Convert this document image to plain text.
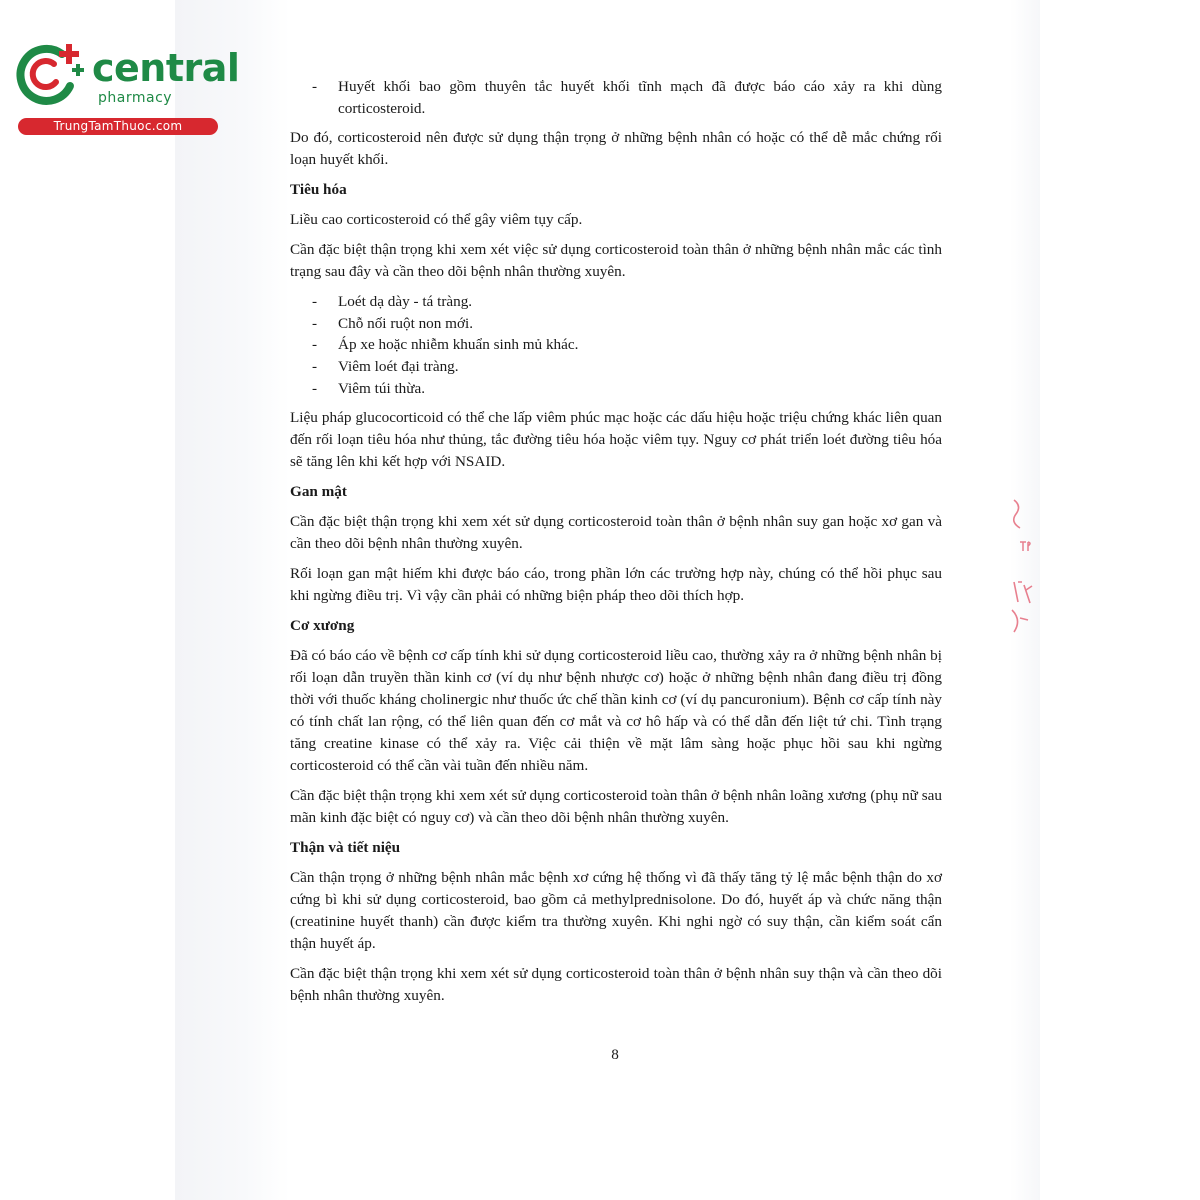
central
pharmacy
TrungTamThuoc.com
- Huyết khối bao gồm thuyên tắc huyết khối tĩnh mạch đã được báo cáo xảy ra khi dùng corticosteroid.

Do đó, corticosteroid nên được sử dụng thận trọng ở những bệnh nhân có hoặc có thể dễ mắc chứng rối loạn huyết khối.

Tiêu hóa

Liều cao corticosteroid có thể gây viêm tụy cấp.

Cần đặc biệt thận trọng khi xem xét việc sử dụng corticosteroid toàn thân ở những bệnh nhân mắc các tình trạng sau đây và cần theo dõi bệnh nhân thường xuyên.

- Loét dạ dày - tá tràng.
- Chỗ nối ruột non mới.
- Áp xe hoặc nhiễm khuẩn sinh mủ khác.
- Viêm loét đại tràng.
- Viêm túi thừa.

Liệu pháp glucocorticoid có thể che lấp viêm phúc mạc hoặc các dấu hiệu hoặc triệu chứng khác liên quan đến rối loạn tiêu hóa như thủng, tắc đường tiêu hóa hoặc viêm tụy. Nguy cơ phát triển loét đường tiêu hóa sẽ tăng lên khi kết hợp với NSAID.

Gan mật

Cần đặc biệt thận trọng khi xem xét sử dụng corticosteroid toàn thân ở bệnh nhân suy gan hoặc xơ gan và cần theo dõi bệnh nhân thường xuyên.

Rối loạn gan mật hiếm khi được báo cáo, trong phần lớn các trường hợp này, chúng có thể hồi phục sau khi ngừng điều trị. Vì vậy cần phải có những biện pháp theo dõi thích hợp.

Cơ xương

Đã có báo cáo về bệnh cơ cấp tính khi sử dụng corticosteroid liều cao, thường xảy ra ở những bệnh nhân bị rối loạn dẫn truyền thần kinh cơ (ví dụ như bệnh nhược cơ) hoặc ở những bệnh nhân đang điều trị đồng thời với thuốc kháng cholinergic như thuốc ức chế thần kinh cơ (ví dụ pancuronium). Bệnh cơ cấp tính này có tính chất lan rộng, có thể liên quan đến cơ mắt và cơ hô hấp và có thể dẫn đến liệt tứ chi. Tình trạng tăng creatine kinase có thể xảy ra. Việc cải thiện về mặt lâm sàng hoặc phục hồi sau khi ngừng corticosteroid có thể cần vài tuần đến nhiều năm.

Cần đặc biệt thận trọng khi xem xét sử dụng corticosteroid toàn thân ở bệnh nhân loãng xương (phụ nữ sau mãn kinh đặc biệt có nguy cơ) và cần theo dõi bệnh nhân thường xuyên.

Thận và tiết niệu

Cần thận trọng ở những bệnh nhân mắc bệnh xơ cứng hệ thống vì đã thấy tăng tỷ lệ mắc bệnh thận do xơ cứng bì khi sử dụng corticosteroid, bao gồm cả methylprednisolone. Do đó, huyết áp và chức năng thận (creatinine huyết thanh) cần được kiểm tra thường xuyên. Khi nghi ngờ có suy thận, cần kiểm soát cẩn thận huyết áp.

Cần đặc biệt thận trọng khi xem xét sử dụng corticosteroid toàn thân ở bệnh nhân suy thận và cần theo dõi bệnh nhân thường xuyên.

8
